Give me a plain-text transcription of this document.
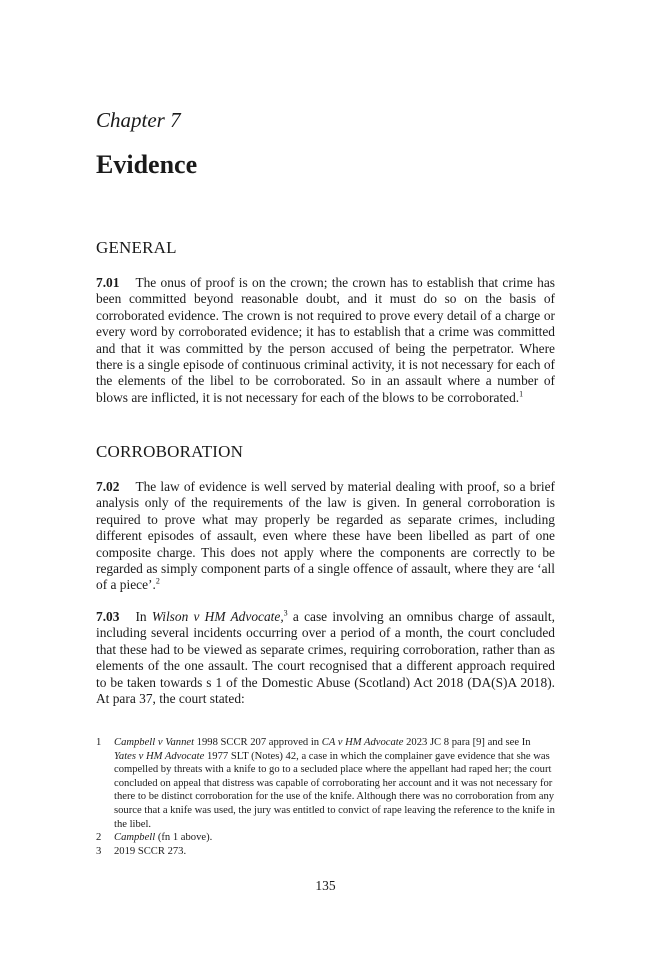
Chapter 7
Evidence
GENERAL

7.01 The onus of proof is on the crown; the crown has to establish that crime has been committed beyond reasonable doubt, and it must do so on the basis of corroborated evidence. The crown is not required to prove every detail of a charge or every word by corroborated evidence; it has to establish that a crime was committed and that it was committed by the person accused of being the perpetrator. Where there is a single episode of continuous criminal activity, it is not necessary for each of the elements of the libel to be corroborated. So in an assault where a number of blows are inflicted, it is not necessary for each of the blows to be corroborated.$^1$

CORROBORATION

7.02 The law of evidence is well served by material dealing with proof, so a brief analysis only of the requirements of the law is given. In general corroboration is required to prove what may properly be regarded as separate crimes, including different episodes of assault, even where these have been libelled as part of one composite charge. This does not apply where the components are correctly to be regarded as simply component parts of a single offence of assault, where they are ‘all of a piece’.$^2$

7.03 In Wilson v HM Advocate,$^3$ a case involving an omnibus charge of assault, including several incidents occurring over a period of a month, the court concluded that these had to be viewed as separate crimes, requiring corroboration, rather than as elements of the one assault. The court recognised that a different approach required to be taken towards s 1 of the Domestic Abuse (Scotland) Act 2018 (DA(S)A 2018). At para 37, the court stated:

1	Campbell v Vannet 1998 SCCR 207 approved in CA v HM Advocate 2023 JC 8 para [9] and see In Yates v HM Advocate 1977 SLT (Notes) 42, a case in which the complainer gave evidence that she was compelled by threats with a knife to go to a secluded place where the appellant had raped her; the court concluded on appeal that distress was capable of corroborating her account and it was not necessary for there to be distinct corroboration for the use of the knife. Although there was no corroboration from any source that a knife was used, the jury was entitled to convict of rape leaving the reference to the knife in the libel.
2	Campbell (fn 1 above).
3	2019 SCCR 273.
135
